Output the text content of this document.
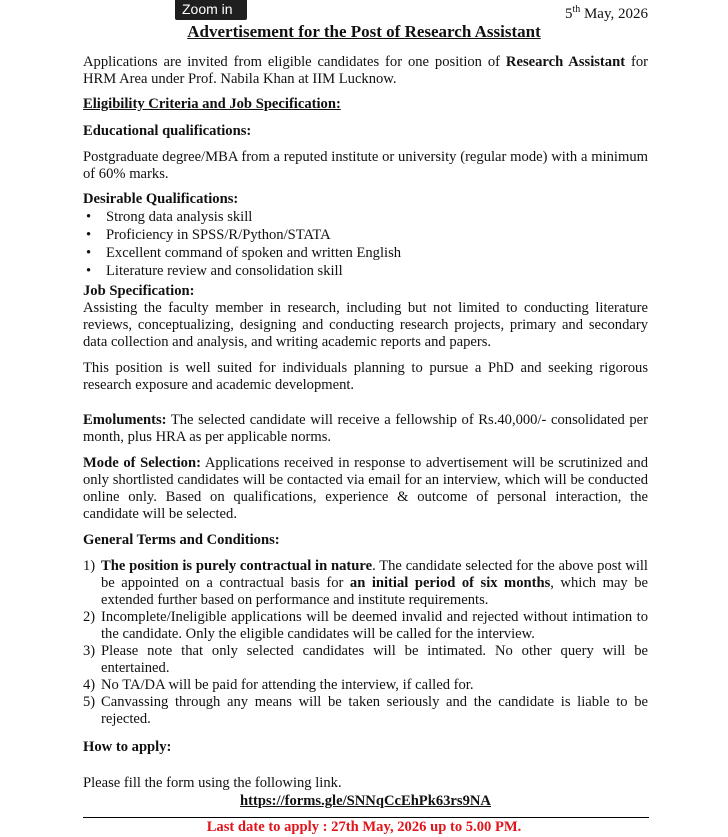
Zoom in	5th May, 2026
Advertisement for the Post of Research Assistant

Applications are invited from eligible candidates for one position of Research Assistant for HRM Area under Prof. Nabila Khan at IIM Lucknow.

Eligibility Criteria and Job Specification:

Educational qualifications:

Postgraduate degree/MBA from a reputed institute or university (regular mode) with a minimum of 60% marks.

Desirable Qualifications:

• Strong data analysis skill
• Proficiency in SPSS/R/Python/STATA
• Excellent command of spoken and written English
• Literature review and consolidation skill

Job Specification:

Assisting the faculty member in research, including but not limited to conducting literature reviews, conceptualizing, designing and conducting research projects, primary and secondary data collection and analysis, and writing academic reports and papers.

This position is well suited for individuals planning to pursue a PhD and seeking rigorous research exposure and academic development.

Emoluments: The selected candidate will receive a fellowship of Rs.40,000/- consolidated per month, plus HRA as per applicable norms.

Mode of Selection: Applications received in response to advertisement will be scrutinized and only shortlisted candidates will be contacted via email for an interview, which will be conducted online only. Based on qualifications, experience & outcome of personal interaction, the candidate will be selected.

General Terms and Conditions:

1) The position is purely contractual in nature. The candidate selected for the above post will be appointed on a contractual basis for an initial period of six months, which may be extended further based on performance and institute requirements.
2) Incomplete/Ineligible applications will be deemed invalid and rejected without intimation to the candidate. Only the eligible candidates will be called for the interview.
3) Please note that only selected candidates will be intimated. No other query will be entertained.
4) No TA/DA will be paid for attending the interview, if called for.
5) Canvassing through any means will be taken seriously and the candidate is liable to be rejected.

How to apply:

Please fill the form using the following link.

https://forms.gle/SNNqCcEhPk63rs9NA
Last date to apply : 27th May, 2026 up to 5.00 PM.
